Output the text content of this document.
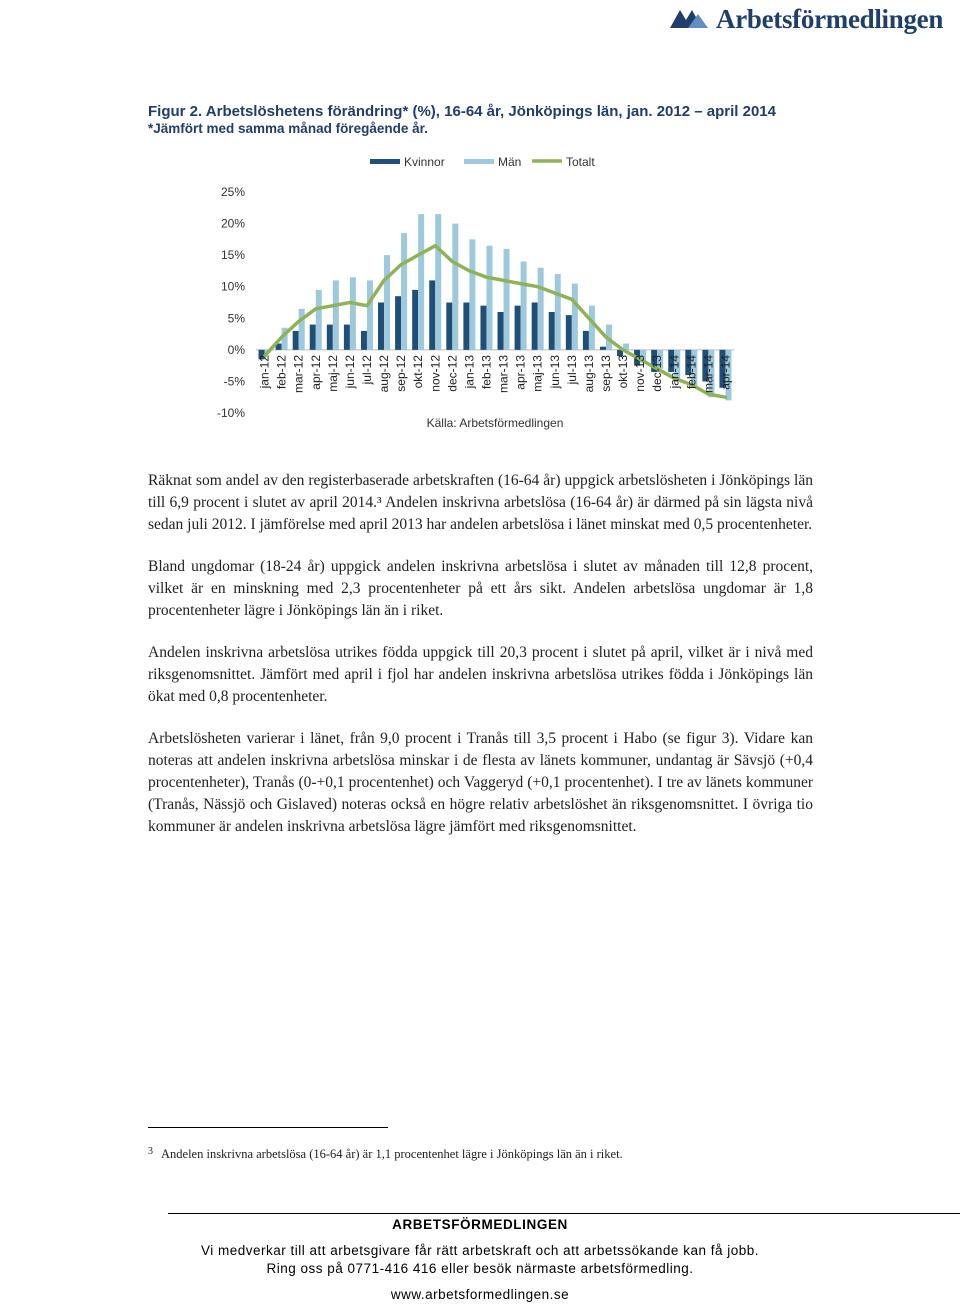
Arbetsförmedlingen
Figur 2. Arbetslöshetens förändring* (%), 16-64 år, Jönköpings län, jan. 2012 – april 2014
*Jämfört med samma månad föregående år.
25%
20%
15%
10%
5%
0%
-5%
-10%
jan-12 feb-12 mar-12 apr-12 maj-12 jun-12 jul-12 aug-12 sep-12 okt-12 nov-12 dec-12 jan-13 feb-13 mar-13 apr-13 maj-13 jun-13 jul-13 aug-13 sep-13 okt-13 nov-13 dec-13 jan-14 feb-14 mar-14 apr-14
Kvinnor	Män	Totalt
Källa: Arbetsförmedlingen

Räknat som andel av den registerbaserade arbetskraften (16-64 år) uppgick arbetslösheten i Jönköpings län till 6,9 procent i slutet av april 2014.³ Andelen inskrivna arbetslösa (16-64 år) är därmed på sin lägsta nivå sedan juli 2012. I jämförelse med april 2013 har andelen arbetslösa i länet minskat med 0,5 procentenheter.

Bland ungdomar (18-24 år) uppgick andelen inskrivna arbetslösa i slutet av månaden till 12,8 procent, vilket är en minskning med 2,3 procentenheter på ett års sikt. Andelen arbetslösa ungdomar är 1,8 procentenheter lägre i Jönköpings län än i riket.

Andelen inskrivna arbetslösa utrikes födda uppgick till 20,3 procent i slutet på april, vilket är i nivå med riksgenomsnittet. Jämfört med april i fjol har andelen inskrivna arbetslösa utrikes födda i Jönköpings län ökat med 0,8 procentenheter.

Arbetslösheten varierar i länet, från 9,0 procent i Tranås till 3,5 procent i Habo (se figur 3). Vidare kan noteras att andelen inskrivna arbetslösa minskar i de flesta av länets kommuner, undantag är Sävsjö (+0,4 procentenheter), Tranås (0-+0,1 procentenhet) och Vaggeryd (+0,1 procentenhet). I tre av länets kommuner (Tranås, Nässjö och Gislaved) noteras också en högre relativ arbetslöshet än riksgenomsnittet. I övriga tio kommuner är andelen inskrivna arbetslösa lägre jämfört med riksgenomsnittet.

$^3$ Andelen inskrivna arbetslösa (16-64 år) är 1,1 procentenhet lägre i Jönköpings län än i riket.
ARBETSFÖRMEDLINGEN
Vi medverkar till att arbetsgivare får rätt arbetskraft och att arbetssökande kan få jobb.
Ring oss på 0771-416 416 eller besök närmaste arbetsförmedling.
www.arbetsformedlingen.se
